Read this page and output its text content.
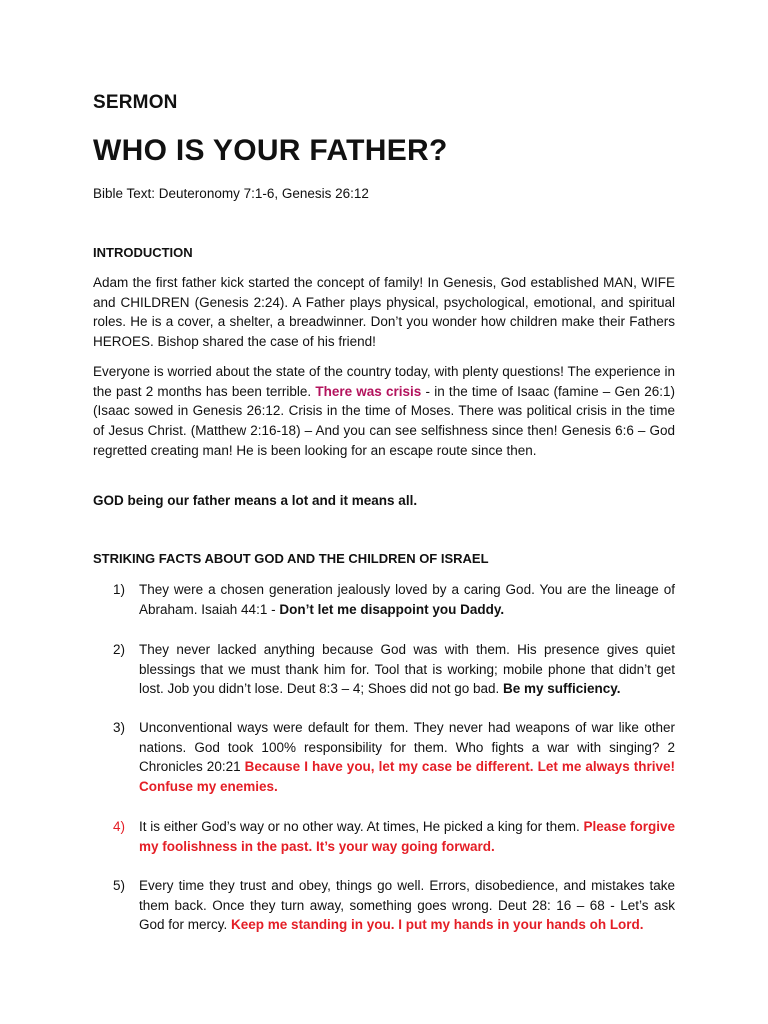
SERMON
WHO IS YOUR FATHER?
Bible Text: Deuteronomy 7:1-6, Genesis 26:12
INTRODUCTION

Adam the first father kick started the concept of family! In Genesis, God established MAN, WIFE and CHILDREN (Genesis 2:24). A Father plays physical, psychological, emotional, and spiritual roles. He is a cover, a shelter, a breadwinner. Don’t you wonder how children make their Fathers HEROES. Bishop shared the case of his friend!

Everyone is worried about the state of the country today, with plenty questions! The experience in the past 2 months has been terrible. There was crisis - in the time of Isaac (famine – Gen 26:1) (Isaac sowed in Genesis 26:12. Crisis in the time of Moses. There was political crisis in the time of Jesus Christ. (Matthew 2:16-18) – And you can see selfishness since then! Genesis 6:6 – God regretted creating man! He is been looking for an escape route since then.

GOD being our father means a lot and it means all.

STRIKING FACTS ABOUT GOD AND THE CHILDREN OF ISRAEL
1)	They were a chosen generation jealously loved by a caring God. You are the lineage of Abraham. Isaiah 44:1 - Don’t let me disappoint you Daddy.
2)	They never lacked anything because God was with them. His presence gives quiet blessings that we must thank him for. Tool that is working; mobile phone that didn’t get lost. Job you didn’t lose. Deut 8:3 – 4; Shoes did not go bad. Be my sufficiency.
3)	Unconventional ways were default for them. They never had weapons of war like other nations. God took 100% responsibility for them. Who fights a war with singing? 2 Chronicles 20:21 Because I have you, let my case be different. Let me always thrive! Confuse my enemies.
4)	It is either God’s way or no other way. At times, He picked a king for them. Please forgive my foolishness in the past. It’s your way going forward.
5)	Every time they trust and obey, things go well. Errors, disobedience, and mistakes take them back. Once they turn away, something goes wrong. Deut 28: 16 – 68 - Let’s ask God for mercy. Keep me standing in you. I put my hands in your hands oh Lord.
